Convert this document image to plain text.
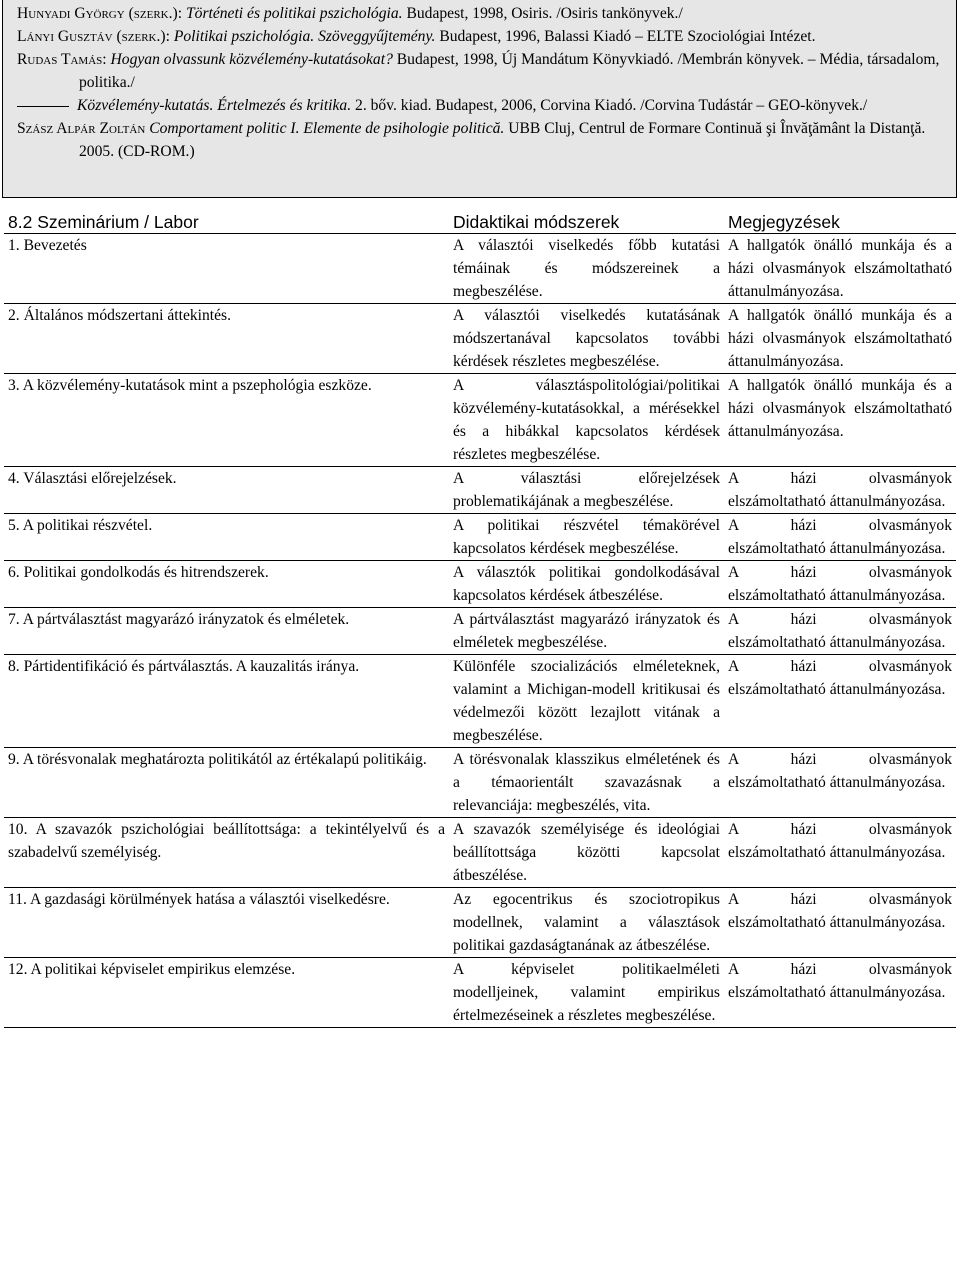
Hunyadi György (szerk.): Történeti és politikai pszichológia. Budapest, 1998, Osiris. /Osiris tankönyvek./
Lányi Gusztáv (szerk.): Politikai pszichológia. Szöveggyűjtemény. Budapest, 1996, Balassi Kiadó – ELTE Szociológiai Intézet.
Rudas Tamás: Hogyan olvassunk közvélemény-kutatásokat? Budapest, 1998, Új Mandátum Könyvkiadó. /Membrán könyvek. – Média, társadalom, politika./
Közvélemény-kutatás. Értelmezés és kritika. 2. bőv. kiad. Budapest, 2006, Corvina Kiadó. /Corvina Tudástár – GEO-könyvek./
Szász Alpár Zoltán Comportament politic I. Elemente de psihologie politică. UBB Cluj, Centrul de Formare Continuă şi Învăţământ la Distanţă. 2005. (CD-ROM.)
8.2 Szeminárium / Labor	Didaktikai módszerek	Megjegyzések
1. Bevezetés	A választói viselkedés főbb kutatási témáinak és módszereinek a megbeszélése.	A hallgatók önálló munkája és a házi olvasmányok elszámoltatható áttanulmányozása.
2. Általános módszertani áttekintés.	A választói viselkedés kutatásának módszertanával kapcsolatos további kérdések részletes megbeszélése.	A hallgatók önálló munkája és a házi olvasmányok elszámoltatható áttanulmányozása.
3. A közvélemény-kutatások mint a pszephológia eszköze.	A választáspolitológiai/politikai közvélemény-kutatásokkal, a mérésekkel és a hibákkal kapcsolatos kérdések részletes megbeszélése.	A hallgatók önálló munkája és a házi olvasmányok elszámoltatható áttanulmányozása.
4. Választási előrejelzések.	A választási előrejelzések problematikájának a megbeszélése.	A házi olvasmányok elszámoltatható áttanulmányozása.
5. A politikai részvétel.	A politikai részvétel témakörével kapcsolatos kérdések megbeszélése.	A házi olvasmányok elszámoltatható áttanulmányozása.
6. Politikai gondolkodás és hitrendszerek.	A választók politikai gondolkodásával kapcsolatos kérdések átbeszélése.	A házi olvasmányok elszámoltatható áttanulmányozása.
7. A pártválasztást magyarázó irányzatok és elméletek.	A pártválasztást magyarázó irányzatok és elméletek megbeszélése.	A házi olvasmányok elszámoltatható áttanulmányozása.
8. Pártidentifikáció és pártválasztás. A kauzalitás iránya.	Különféle szocializációs elméleteknek, valamint a Michigan-modell kritikusai és védelmezői között lezajlott vitának a megbeszélése.	A házi olvasmányok elszámoltatható áttanulmányozása.
9. A törésvonalak meghatározta politikától az értékalapú politikáig.	A törésvonalak klasszikus elméletének és a témaorientált szavazásnak a relevanciája: megbeszélés, vita.	A házi olvasmányok elszámoltatható áttanulmányozása.
10. A szavazók pszichológiai beállítottsága: a tekintélyelvű és a szabadelvű személyiség.	A szavazók személyisége és ideológiai beállítottsága közötti kapcsolat átbeszélése.	A házi olvasmányok elszámoltatható áttanulmányozása.
11. A gazdasági körülmények hatása a választói viselkedésre.	Az egocentrikus és szociotropikus modellnek, valamint a választások politikai gazdaságtanának az átbeszélése.	A házi olvasmányok elszámoltatható áttanulmányozása.
12. A politikai képviselet empirikus elemzése.	A képviselet politikaelméleti modelljeinek, valamint empirikus értelmezéseinek a részletes megbeszélése.	A házi olvasmányok elszámoltatható áttanulmányozása.
